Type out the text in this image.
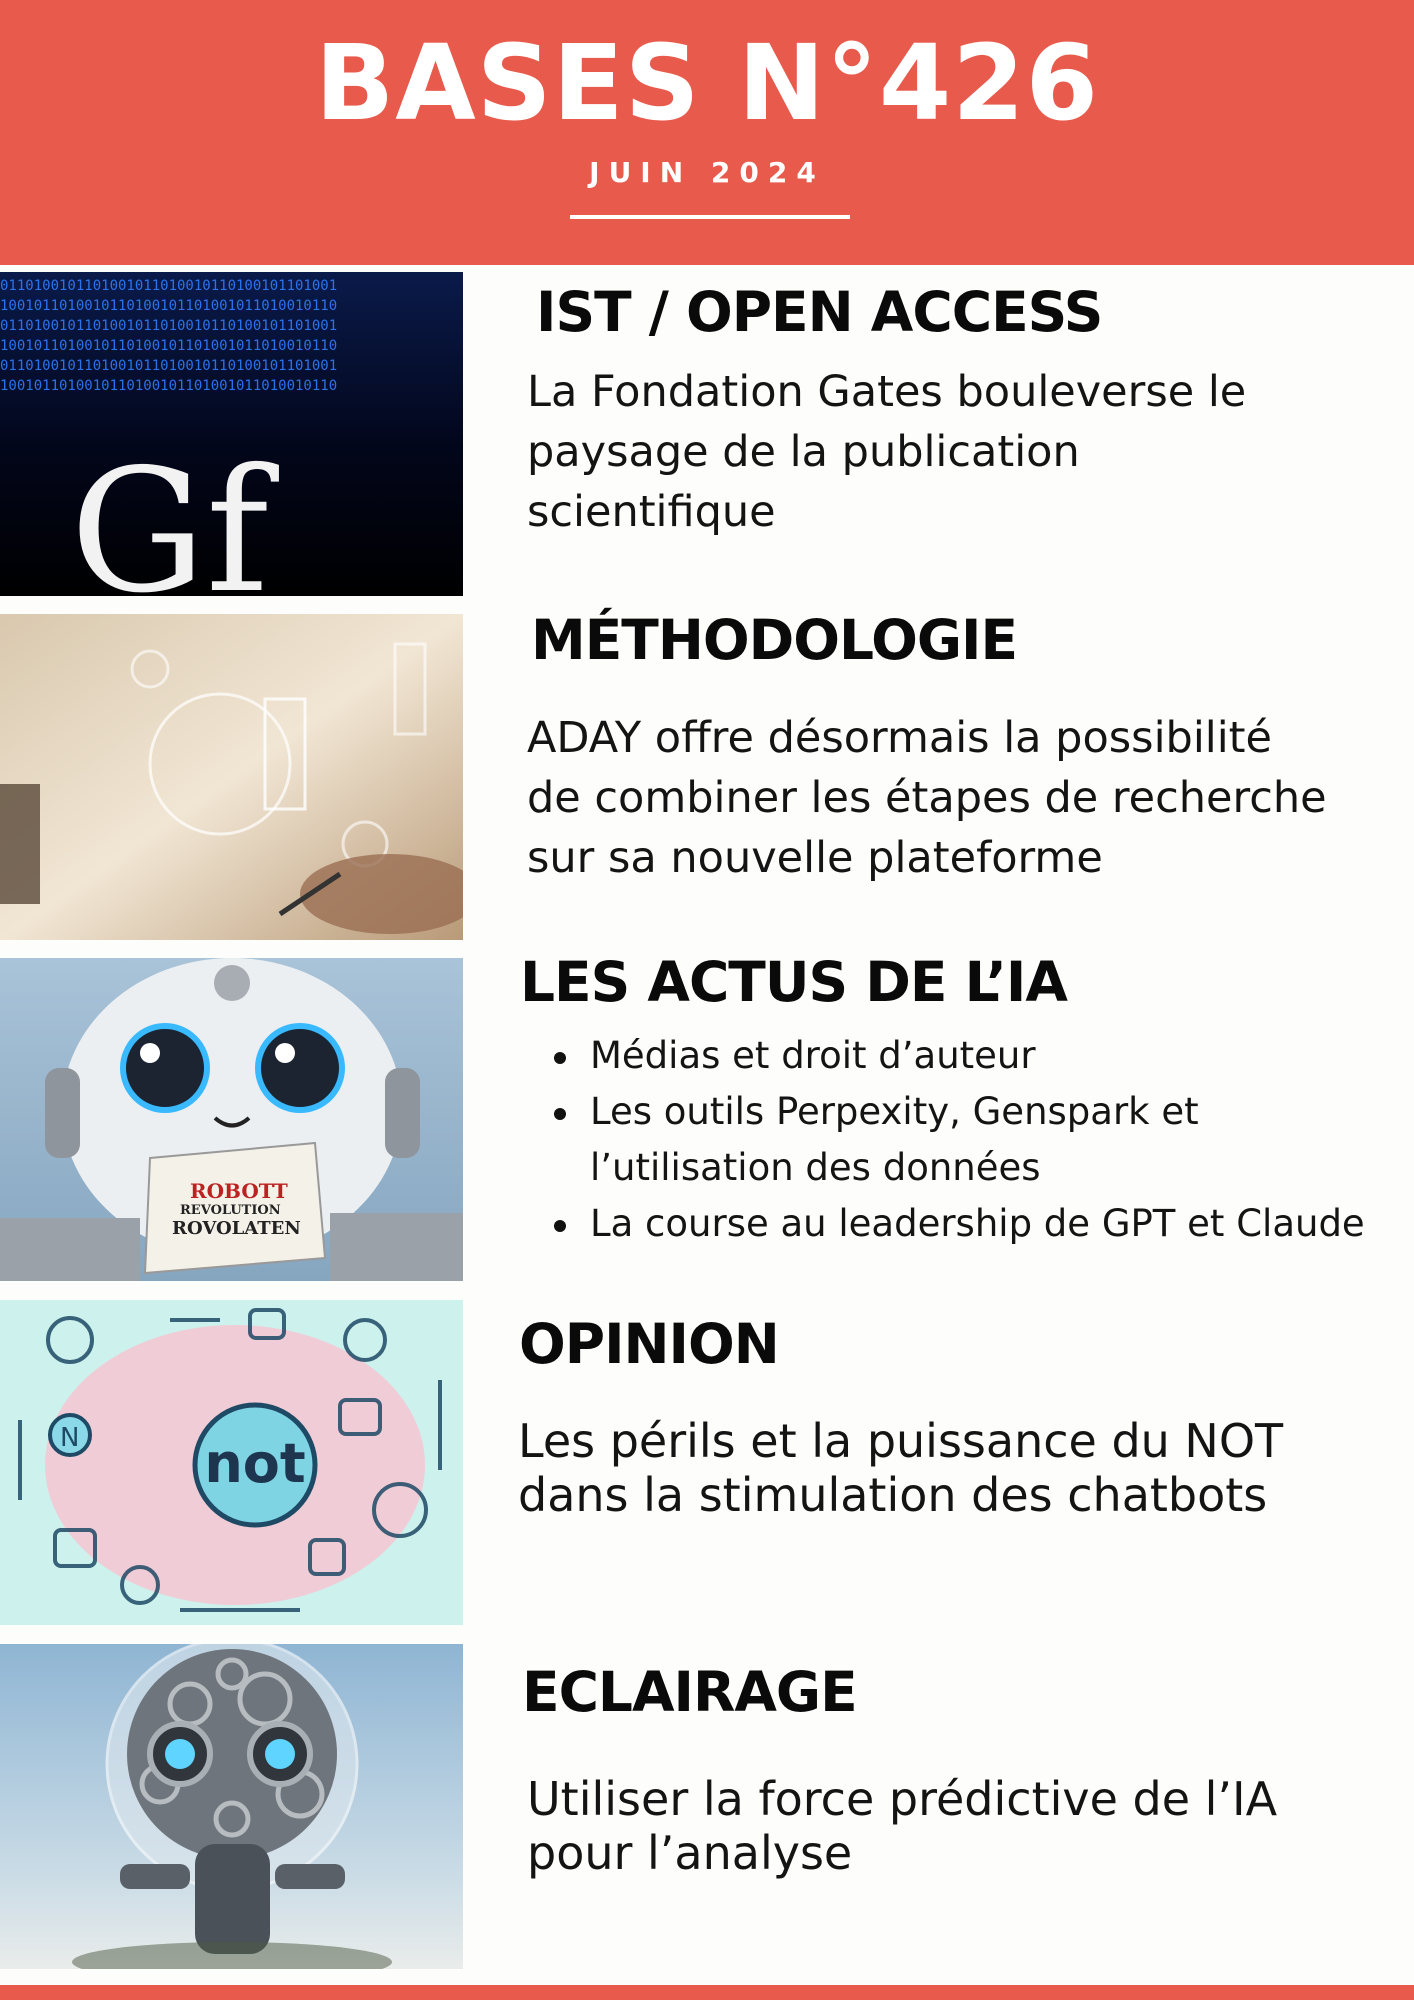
BASES N°426
JUIN 2024
0110100101101001011010010110100101101001
1001011010010110100101101001011010010110
0110100101101001011010010110100101101001
1001011010010110100101101001011010010110
0110100101101001011010010110100101101001
1001011010010110100101101001011010010110
Gf
IST / OPEN ACCESS
La Fondation Gates bouleverse le
paysage de la publication
scientifique
MÉTHODOLOGIE
ADAY offre désormais la possibilité
de combiner les étapes de recherche
sur sa nouvelle plateforme
ROBOTT
REVOLUTION
ROVOLATEN
LES ACTUS DE L’IA
Médias et droit d’auteur
Les outils Perpexity, Genspark et
l’utilisation des données
La course au leadership de GPT et Claude
N not
OPINION
Les périls et la puissance du NOT
dans la stimulation des chatbots
ECLAIRAGE
Utiliser la force prédictive de l’IA
pour l’analyse
